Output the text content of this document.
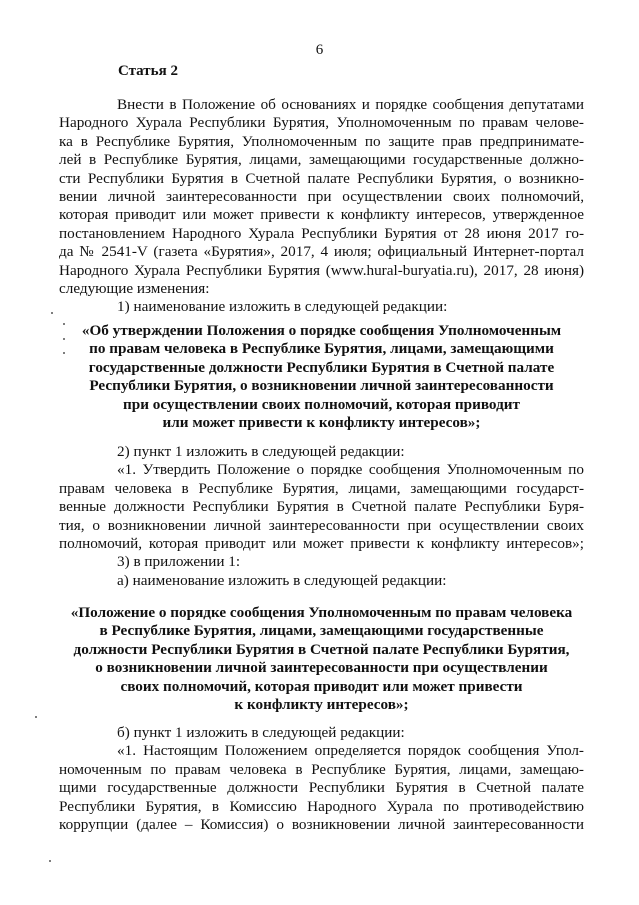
6
Статья 2
Внести в Положение об основаниях и порядке сообщения депутатами
Народного Хурала Республики Бурятия, Уполномоченным по правам челове-
ка в Республике Бурятия, Уполномоченным по защите прав предпринимате-
лей в Республике Бурятия, лицами, замещающими государственные должно-
сти Республики Бурятия в Счетной палате Республики Бурятия, о возникно-
вении личной заинтересованности при осуществлении своих полномочий,
которая приводит или может привести к конфликту интересов, утвержденное
постановлением Народного Хурала Республики Бурятия от 28 июня 2017 го-
да № 2541-V (газета «Бурятия», 2017, 4 июля; официальный Интернет-портал
Народного Хурала Республики Бурятия (www.hural-buryatia.ru), 2017, 28 июня)
следующие изменения:
1) наименование изложить в следующей редакции:
«Об утверждении Положения о порядке сообщения Уполномоченным
по правам человека в Республике Бурятия, лицами, замещающими
государственные должности Республики Бурятия в Счетной палате
Республики Бурятия, о возникновении личной заинтересованности
при осуществлении своих полномочий, которая приводит
или может привести к конфликту интересов»;
2) пункт 1 изложить в следующей редакции:
«1. Утвердить Положение о порядке сообщения Уполномоченным по
правам человека в Республике Бурятия, лицами, замещающими государст-
венные должности Республики Бурятия в Счетной палате Республики Буря-
тия, о возникновении личной заинтересованности при осуществлении своих
полномочий, которая приводит или может привести к конфликту интересов»;
3) в приложении 1:
а) наименование изложить в следующей редакции:
«Положение о порядке сообщения Уполномоченным по правам человека
в Республике Бурятия, лицами, замещающими государственные
должности Республики Бурятия в Счетной палате Республики Бурятия,
о возникновении личной заинтересованности при осуществлении
своих полномочий, которая приводит или может привести
к конфликту интересов»;
б) пункт 1 изложить в следующей редакции:
«1. Настоящим Положением определяется порядок сообщения Упол-
номоченным по правам человека в Республике Бурятия, лицами, замещаю-
щими государственные должности Республики Бурятия в Счетной палате
Республики Бурятия, в Комиссию Народного Хурала по противодействию
коррупции (далее – Комиссия) о возникновении личной заинтересованности
